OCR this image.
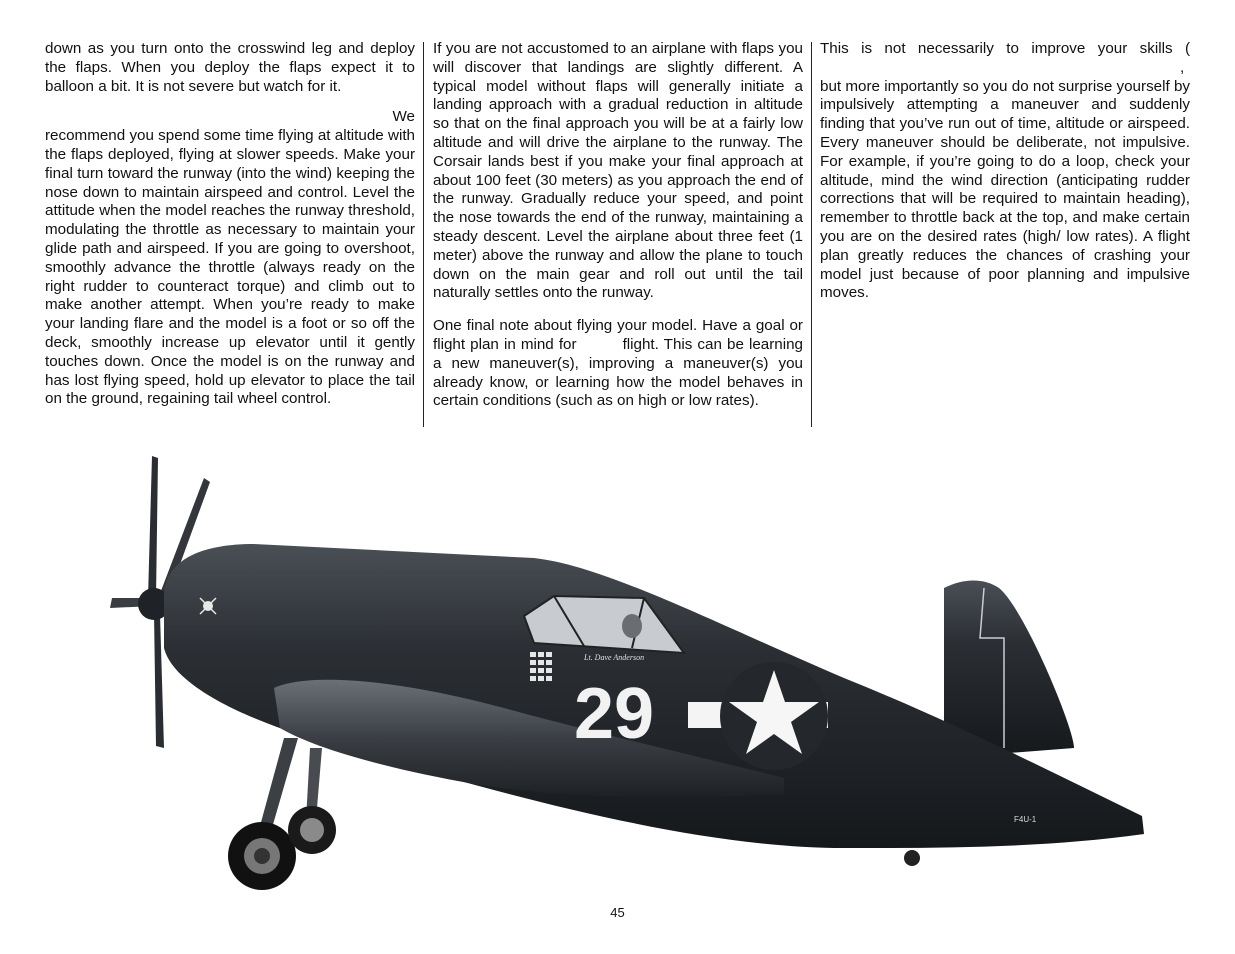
down as you turn onto the crosswind leg and deploy the flaps. When you deploy the flaps expect it to balloon a bit. It is not severe but watch for it.

We
recommend you spend some time flying at altitude with the flaps deployed, flying at slower speeds. Make your final turn toward the runway (into the wind) keeping the nose down to maintain airspeed and control. Level the attitude when the model reaches the runway threshold, modulating the throttle as necessary to maintain your glide path and airspeed. If you are going to overshoot, smoothly advance the throttle (always ready on the right rudder to counteract torque) and climb out to make another attempt. When you’re ready to make your landing flare and the model is a foot or so off the deck, smoothly increase up elevator until it gently touches down. Once the model is on the runway and has lost flying speed, hold up elevator to place the tail on the ground, regaining tail wheel control.

If you are not accustomed to an airplane with flaps you will discover that landings are slightly different. A typical model without flaps will generally initiate a landing approach with a gradual reduction in altitude so that on the final approach you will be at a fairly low altitude and will drive the airplane to the runway. The Corsair lands best if you make your final approach at about 100 feet (30 meters) as you approach the end of the runway. Gradually reduce your speed, and point the nose towards the end of the runway, maintaining a steady descent. Level the airplane about three feet (1 meter) above the runway and allow the plane to touch down on the main gear and roll out until the tail naturally settles onto the runway.

One final note about flying your model. Have a goal or flight plan in mind for	flight. This can be learning a new maneuver(s), improving a maneuver(s) you already know, or learning how the model behaves in certain conditions (such as on high or low rates).

This is not necessarily to improve your skills (, but more importantly so you do not surprise yourself by impulsively attempting a maneuver and suddenly finding that you’ve run out of time, altitude or airspeed. Every maneuver should be deliberate, not impulsive. For example, if you’re going to do a loop, check your altitude, mind the wind direction (anticipating rudder corrections that will be required to maintain heading), remember to throttle back at the top, and make certain you are on the desired rates (high/ low rates). A flight plan greatly reduces the chances of crashing your model just because of poor planning and impulsive moves.

29
Lt. Dave Anderson
F4U-1
45
